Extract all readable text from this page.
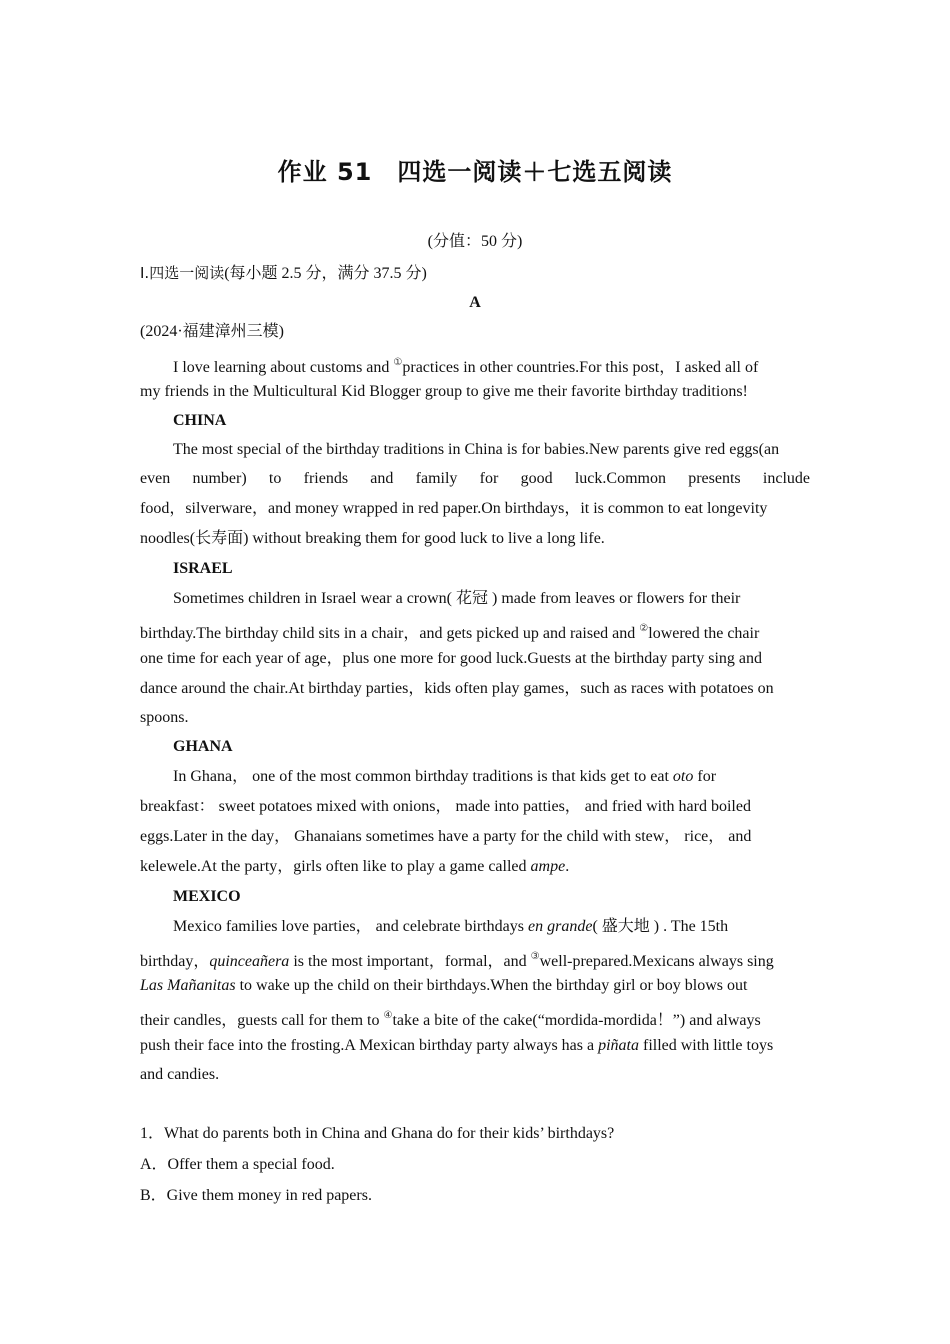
作业 51　四选一阅读＋七选五阅读
(分值：50 分)
Ⅰ.四选一阅读(每小题 2.5 分，满分 37.5 分)
A
(2024·福建漳州三模)
I love learning about customs and ①practices in other countries.For this post，I asked all of
my friends in the Multicultural Kid Blogger group to give me their favorite birthday traditions!
CHINA
The most special of the birthday traditions in China is for babies.New parents give red eggs(an
even number) to friends and family for good luck.Common presents include
food，silverware，and money wrapped in red paper.On birthdays，it is common to eat longevity
noodles(长寿面) without breaking them for good luck to live a long life.
ISRAEL
Sometimes children in Israel wear a crown( 花冠 ) made from leaves or flowers for their
birthday.The birthday child sits in a chair，and gets picked up and raised and ②lowered the chair
one time for each year of age，plus one more for good luck.Guests at the birthday party sing and
dance around the chair.At birthday parties，kids often play games，such as races with potatoes on
spoons.
GHANA
In Ghana， one of the most common birthday traditions is that kids get to eat oto for
breakfast： sweet potatoes mixed with onions， made into patties， and fried with hard boiled
eggs.Later in the day， Ghanaians sometimes have a party for the child with stew， rice， and
kelewele.At the party，girls often like to play a game called ampe.
MEXICO
Mexico families love parties， and celebrate birthdays en grande( 盛大地 ) . The 15th
birthday，quinceañera is the most important，formal，and ③well-prepared.Mexicans always sing
Las Mañanitas to wake up the child on their birthdays.When the birthday girl or boy blows out
their candles，guests call for them to ④take a bite of the cake(“mordida-mordida！”) and always
push their face into the frosting.A Mexican birthday party always has a piñata filled with little toys
and candies.
1．What do parents both in China and Ghana do for their kids’ birthdays?
A．Offer them a special food.
B．Give them money in red papers.
